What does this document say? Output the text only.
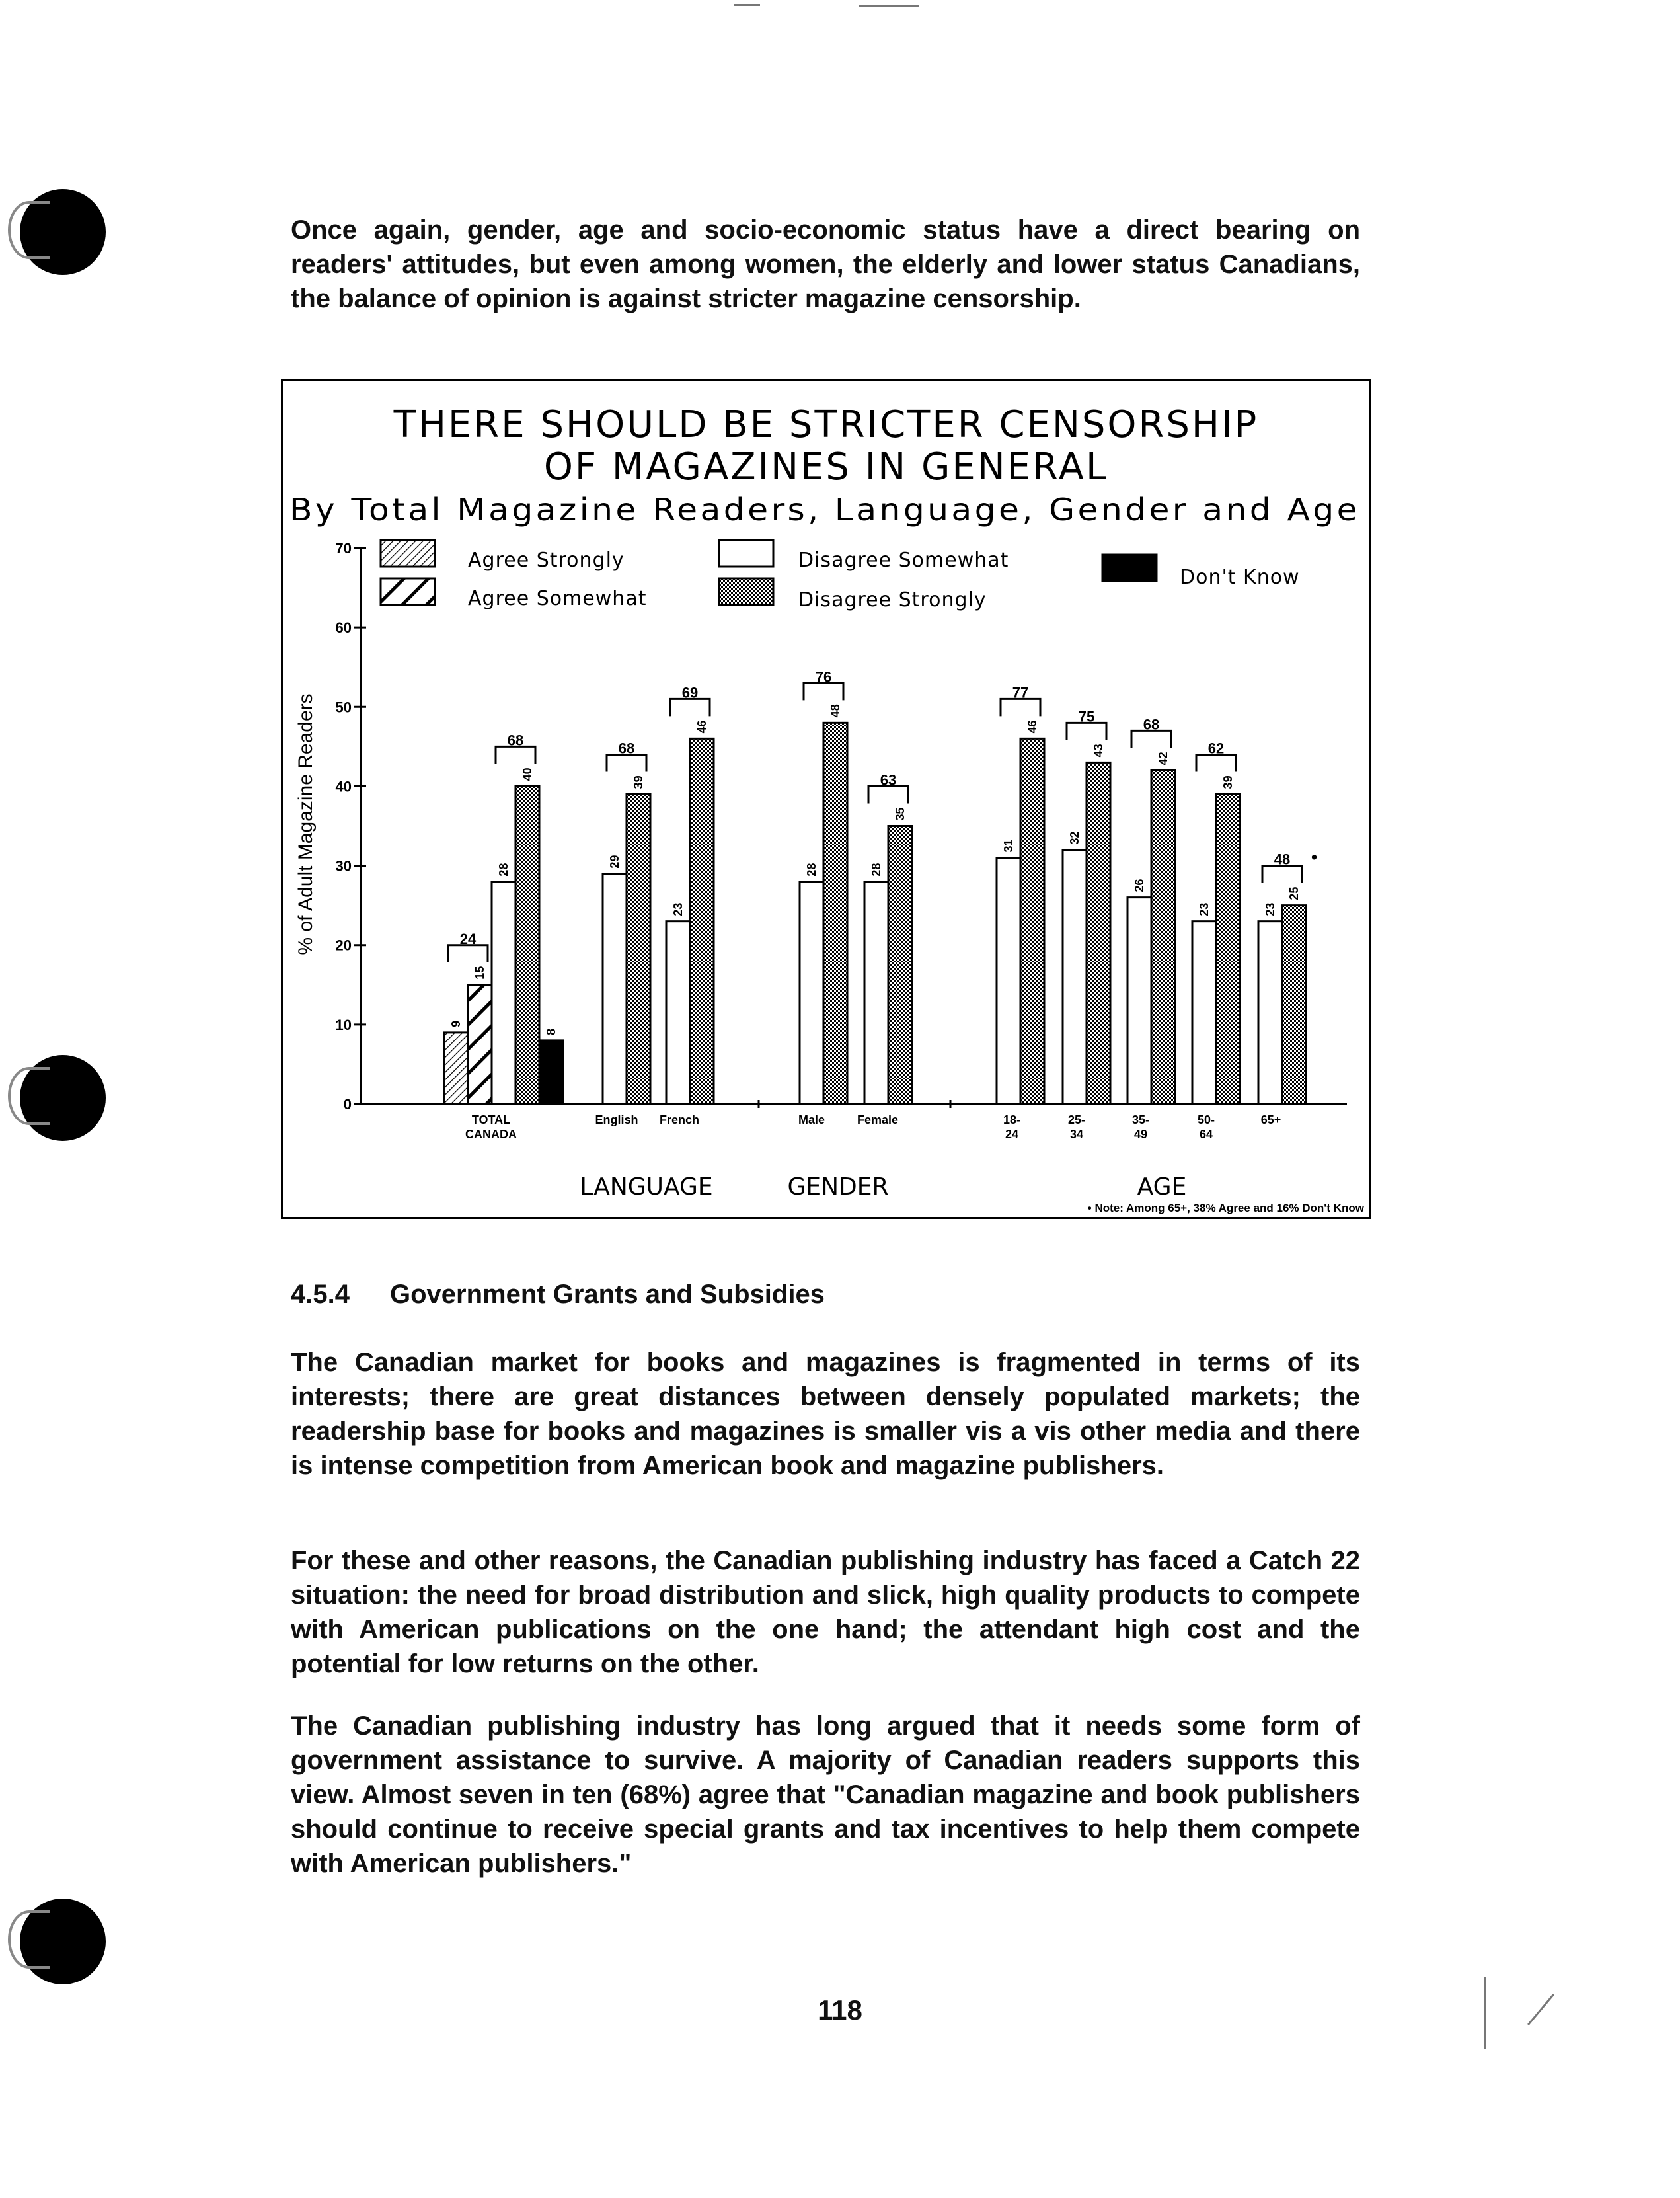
Once again, gender, age and socio-economic status have a direct bearing on readers' attitudes, but even among women, the elderly and lower status Canadians, the balance of opinion is against stricter magazine censorship.

THERE SHOULD BE STRICTER CENSORSHIP
OF MAGAZINES IN GENERAL
By Total Magazine Readers, Language, Gender and Age
0
10
20
30
40
50
60
70
% of Adult Magazine Readers
Agree Strongly
Agree Somewhat
Disagree Somewhat
Disagree Strongly
Don't Know
9
15
28
40
8
24
68
TOTAL
CANADA
29
39
68
English
23
46
69
French
28
48
76
Male
28
35
63
Female
31
46
77
18-
24
32
43
75
25-
34
26
42
68
35-
49
23
39
62
50-
64
23
25
48 •
65+
LANGUAGE	GENDER	AGE
• Note: Among 65+, 38% Agree and 16% Don't Know
4.5.4 Government Grants and Subsidies

The Canadian market for books and magazines is fragmented in terms of its interests; there are great distances between densely populated markets; the readership base for books and magazines is smaller vis a vis other media and there is intense competition from American book and magazine publishers.

For these and other reasons, the Canadian publishing industry has faced a Catch 22 situation: the need for broad distribution and slick, high quality products to compete with American publications on the one hand; the attendant high cost and the potential for low returns on the other.

The Canadian publishing industry has long argued that it needs some form of government assistance to survive. A majority of Canadian readers supports this view. Almost seven in ten (68%) agree that "Canadian magazine and book publishers should continue to receive special grants and tax incentives to help them compete with American publishers."

118
